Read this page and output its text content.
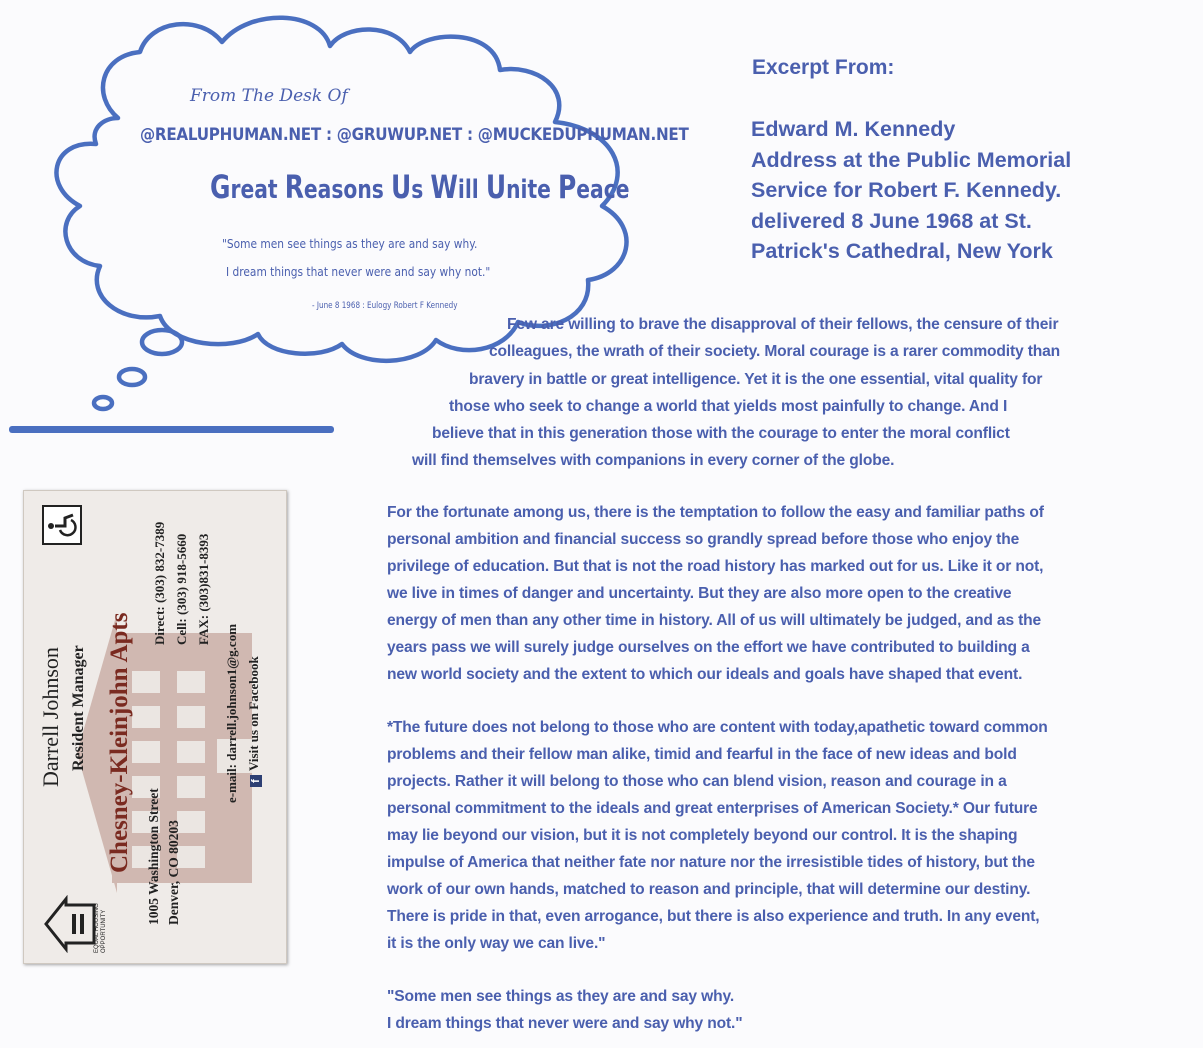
From The Desk Of
@REALUPHUMAN.NET : @GRUWUP.NET : @MUCKEDUPHUMAN.NET
Great Reasons Us Will Unite Peace
"Some men see things as they are and say why.
I dream things that never were and say why not."
- June 8 1968 : Eulogy Robert F Kennedy
Excerpt From:
Edward M. Kennedy
Address at the Public Memorial
Service for Robert F. Kennedy.
delivered 8 June 1968 at St.
Patrick's Cathedral, New York
Few are willing to brave the disapproval of their fellows, the censure of their
colleagues, the wrath of their society. Moral courage is a rarer commodity than
bravery in battle or great intelligence. Yet it is the one essential, vital quality for
those who seek to change a world that yields most painfully to change. And I
believe that in this generation those with the courage to enter the moral conflict
will find themselves with companions in every corner of the globe.
For the fortunate among us, there is the temptation to follow the easy and familiar paths of
personal ambition and financial success so grandly spread before those who enjoy the
privilege of education. But that is not the road history has marked out for us. Like it or not,
we live in times of danger and uncertainty. But they are also more open to the creative
energy of men than any other time in history. All of us will ultimately be judged, and as the
years pass we will surely judge ourselves on the effort we have contributed to building a
new world society and the extent to which our ideals and goals have shaped that event.
*The future does not belong to those who are content with today,apathetic toward common
problems and their fellow man alike, timid and fearful in the face of new ideas and bold
projects. Rather it will belong to those who can blend vision, reason and courage in a
personal commitment to the ideals and great enterprises of American Society.* Our future
may lie beyond our vision, but it is not completely beyond our control. It is the shaping
impulse of America that neither fate nor nature nor the irresistible tides of history, but the
work of our own hands, matched to reason and principle, that will determine our destiny.
There is pride in that, even arrogance, but there is also experience and truth. In any event,
it is the only way we can live."
"Some men see things as they are and say why.
I dream things that never were and say why not."
EQUAL HOUSING OPPORTUNITY
Darrell Johnson Resident Manager Chesney-Kleinjohn Apts 1005 Washington Street Denver, CO 80203
Direct: (303) 832-7389 Cell: (303) 918-5660 FAX: (303)831-8393
e-mail: darrell.johnson1@g.com	fVisit us on Facebook
